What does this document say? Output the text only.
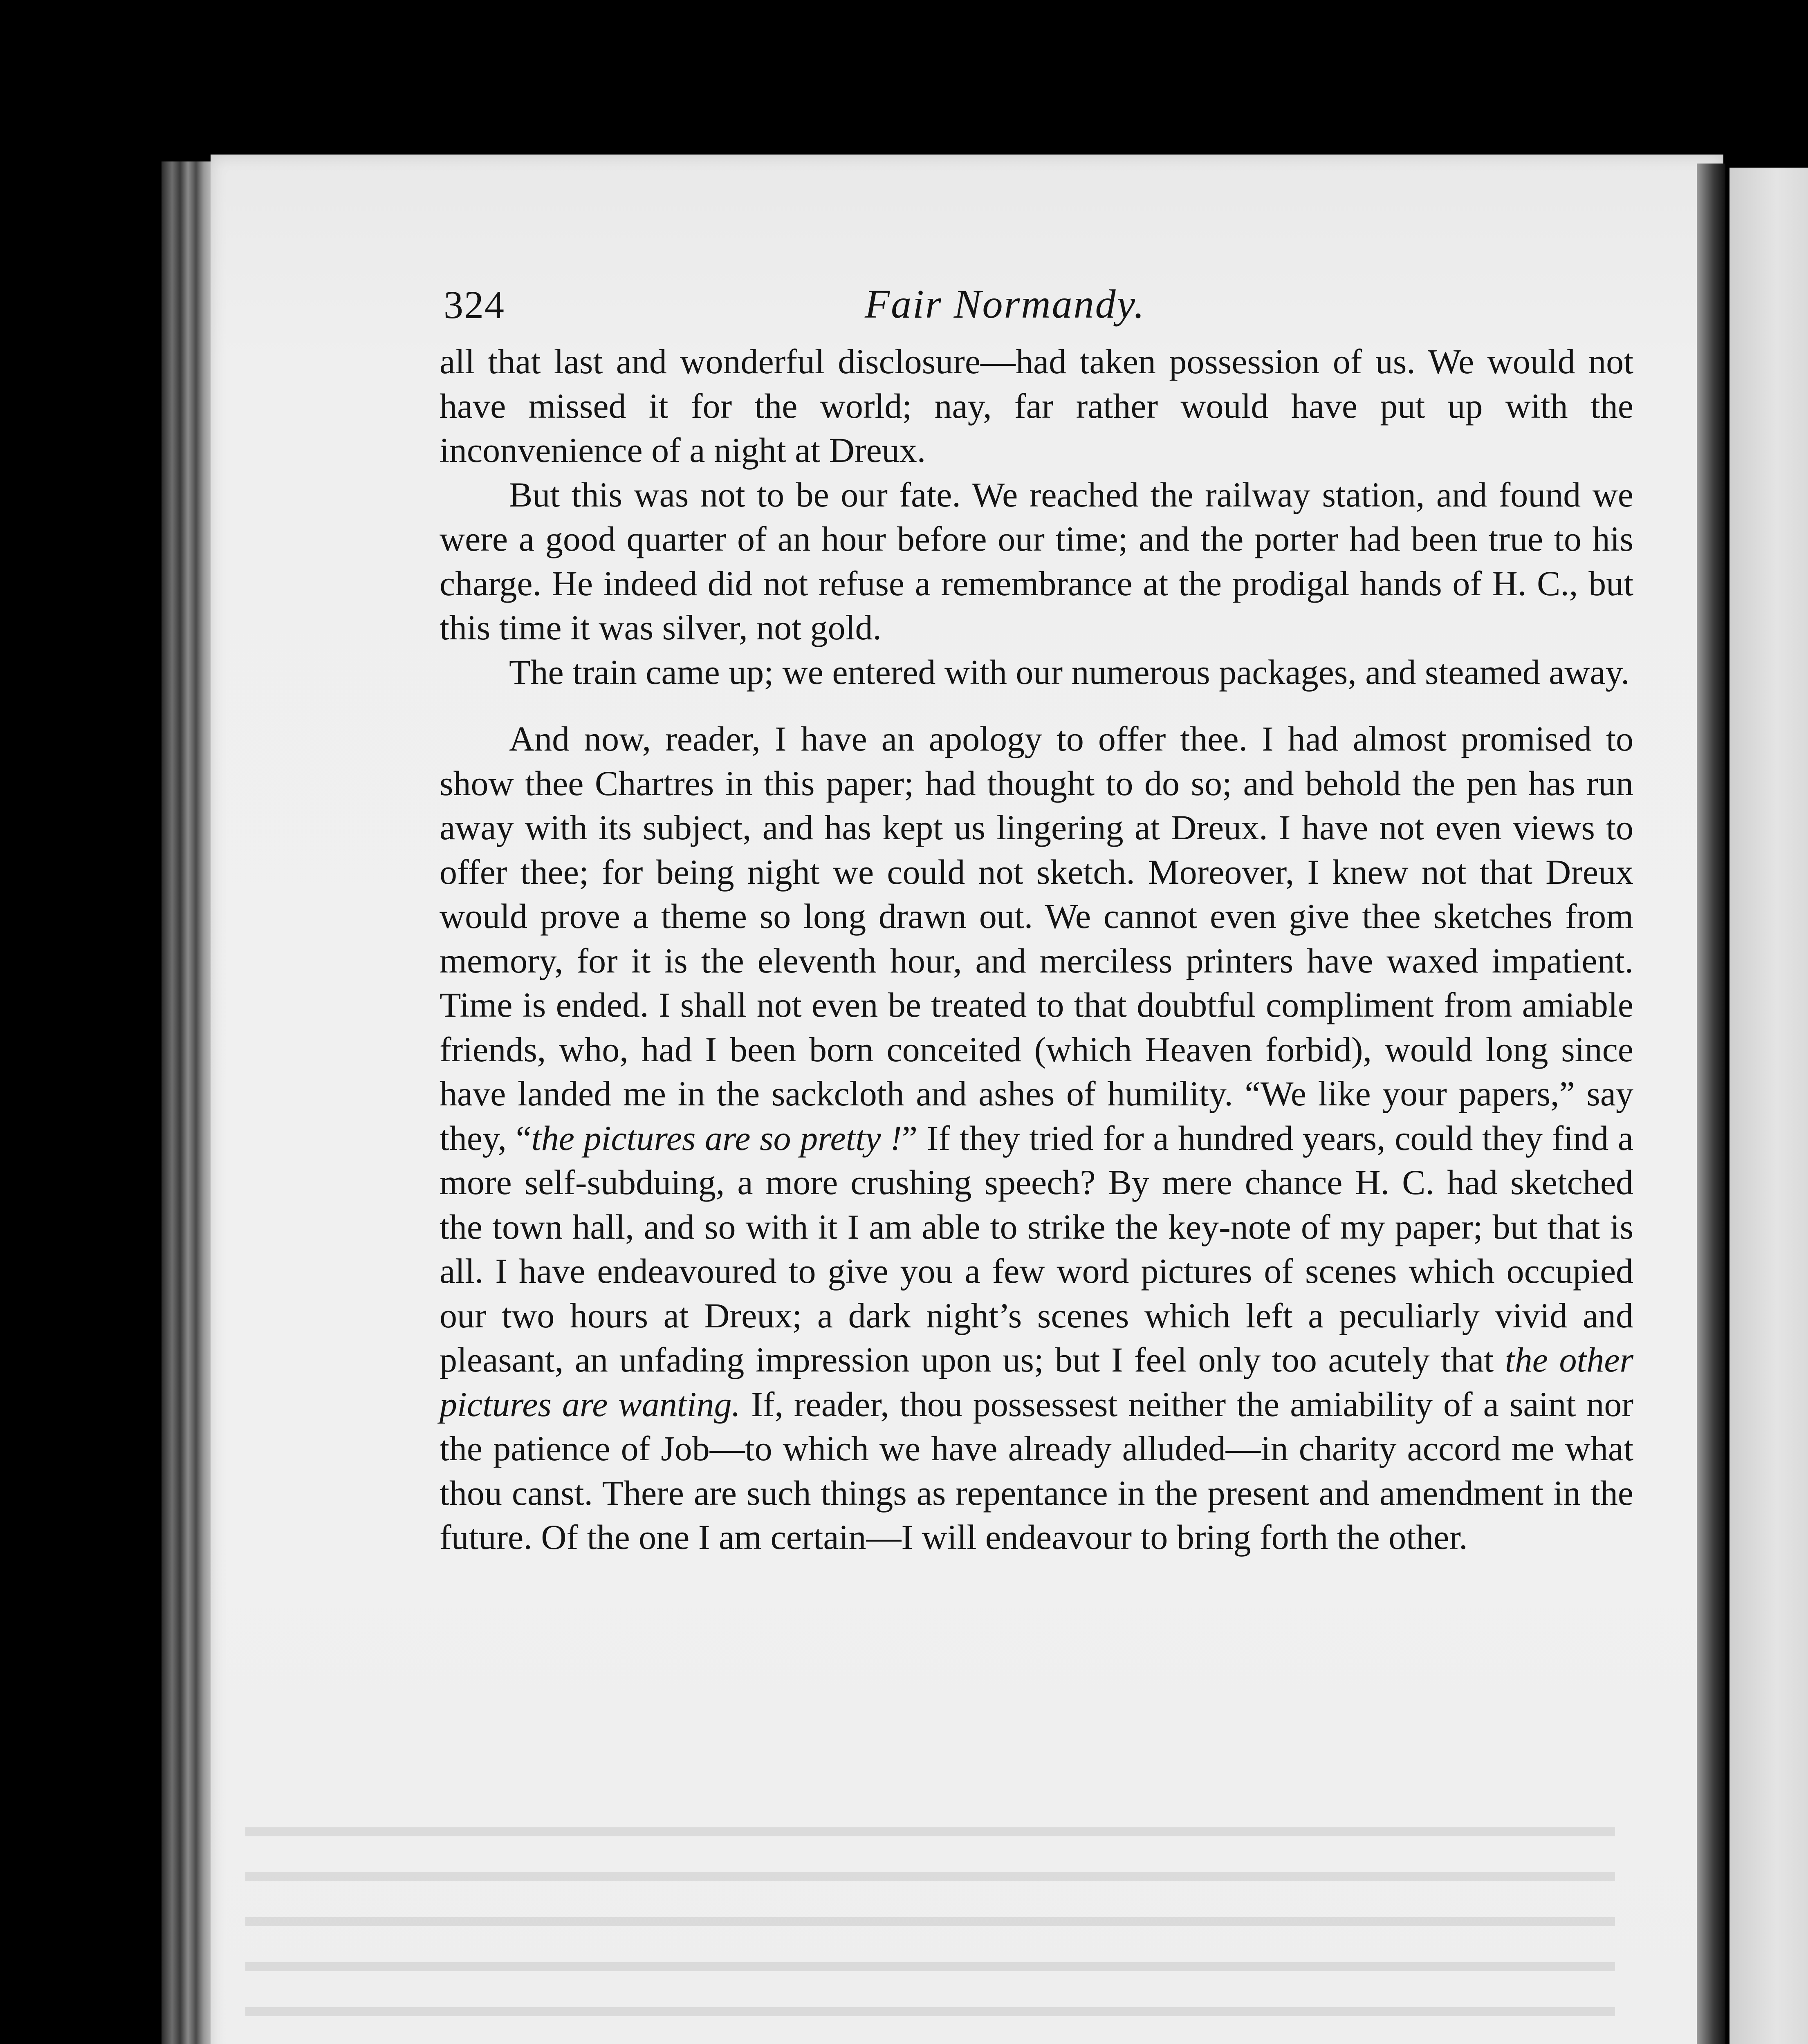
324	Fair Normandy.

all that last and wonderful disclosure—had taken possession of us. We would not have missed it for the world; nay, far rather would have put up with the inconvenience of a night at Dreux.

But this was not to be our fate. We reached the railway station, and found we were a good quarter of an hour before our time; and the porter had been true to his charge. He indeed did not refuse a remembrance at the prodigal hands of H. C., but this time it was silver, not gold.

The train came up; we entered with our numerous packages, and steamed away.

And now, reader, I have an apology to offer thee. I had almost promised to show thee Chartres in this paper; had thought to do so; and behold the pen has run away with its subject, and has kept us lingering at Dreux. I have not even views to offer thee; for being night we could not sketch. Moreover, I knew not that Dreux would prove a theme so long drawn out. We cannot even give thee sketches from memory, for it is the eleventh hour, and merciless printers have waxed impatient. Time is ended. I shall not even be treated to that doubtful compliment from amiable friends, who, had I been born conceited (which Heaven forbid), would long since have landed me in the sackcloth and ashes of humility. “We like your papers,” say they, “the pictures are so pretty !” If they tried for a hundred years, could they find a more self-subduing, a more crushing speech? By mere chance H. C. had sketched the town hall, and so with it I am able to strike the key-note of my paper; but that is all. I have endeavoured to give you a few word pictures of scenes which occupied our two hours at Dreux; a dark night’s scenes which left a peculiarly vivid and pleasant, an unfading impression upon us; but I feel only too acutely that the other pictures are wanting. If, reader, thou possessest neither the amiability of a saint nor the patience of Job—to which we have already alluded—in charity accord me what thou canst. There are such things as repentance in the present and amendment in the future. Of the one I am certain—I will endeavour to bring forth the other.
